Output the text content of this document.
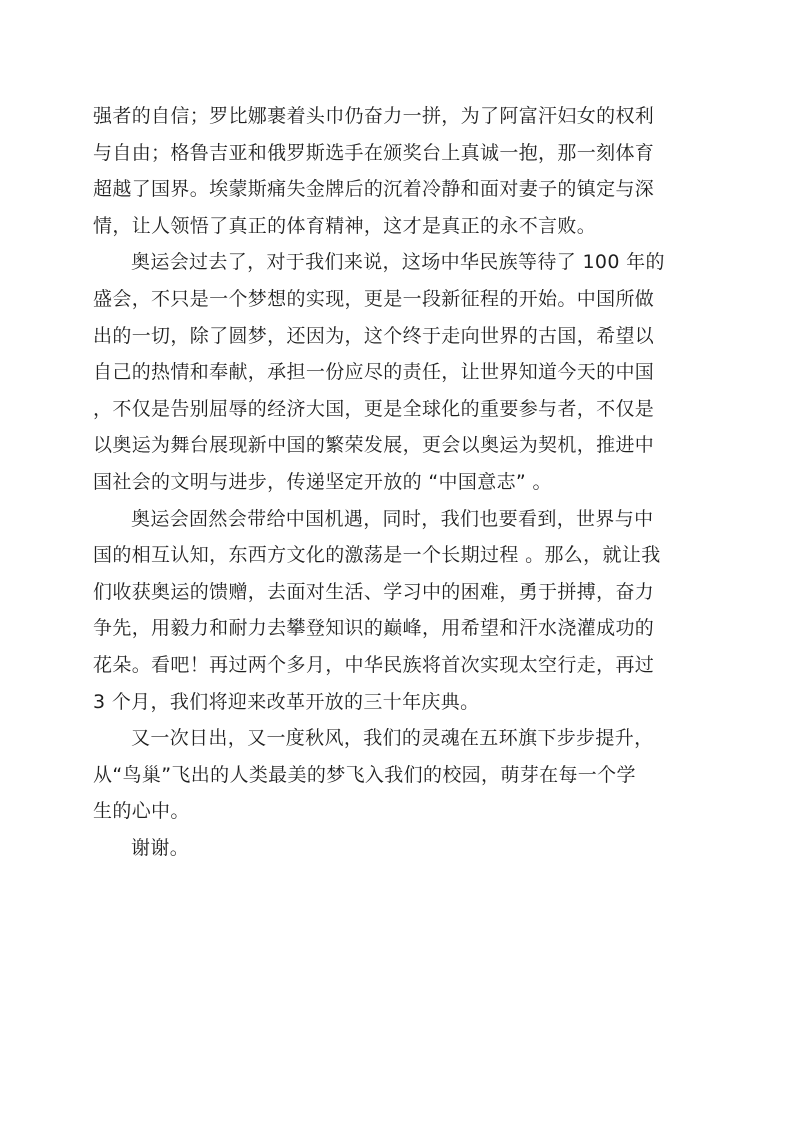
强者的自信；罗比娜裹着头巾仍奋力一拼，为了阿富汗妇女的权利
与自由；格鲁吉亚和俄罗斯选手在颁奖台上真诚一抱，那一刻体育
超越了国界。埃蒙斯痛失金牌后的沉着冷静和面对妻子的镇定与深
情，让人领悟了真正的体育精神，这才是真正的永不言败。
奥运会过去了，对于我们来说，这场中华民族等待了 100 年的
盛会，不只是一个梦想的实现，更是一段新征程的开始。中国所做
出的一切，除了圆梦，还因为，这个终于走向世界的古国，希望以
自己的热情和奉献，承担一份应尽的责任，让世界知道今天的中国
，不仅是告别屈辱的经济大国，更是全球化的重要参与者，不仅是
以奥运为舞台展现新中国的繁荣发展，更会以奥运为契机，推进中
国社会的文明与进步，传递坚定开放的 “中国意志” 。
奥运会固然会带给中国机遇，同时，我们也要看到，世界与中
国的相互认知，东西方文化的激荡是一个长期过程 。那么，就让我
们收获奥运的馈赠，去面对生活、学习中的困难，勇于拼搏，奋力
争先，用毅力和耐力去攀登知识的巅峰，用希望和汗水浇灌成功的
花朵。看吧！再过两个多月，中华民族将首次实现太空行走，再过
3 个月，我们将迎来改革开放的三十年庆典。
又一次日出，又一度秋风，我们的灵魂在五环旗下步步提升，
从“鸟巢”飞出的人类最美的梦飞入我们的校园，萌芽在每一个学
生的心中。
谢谢。
